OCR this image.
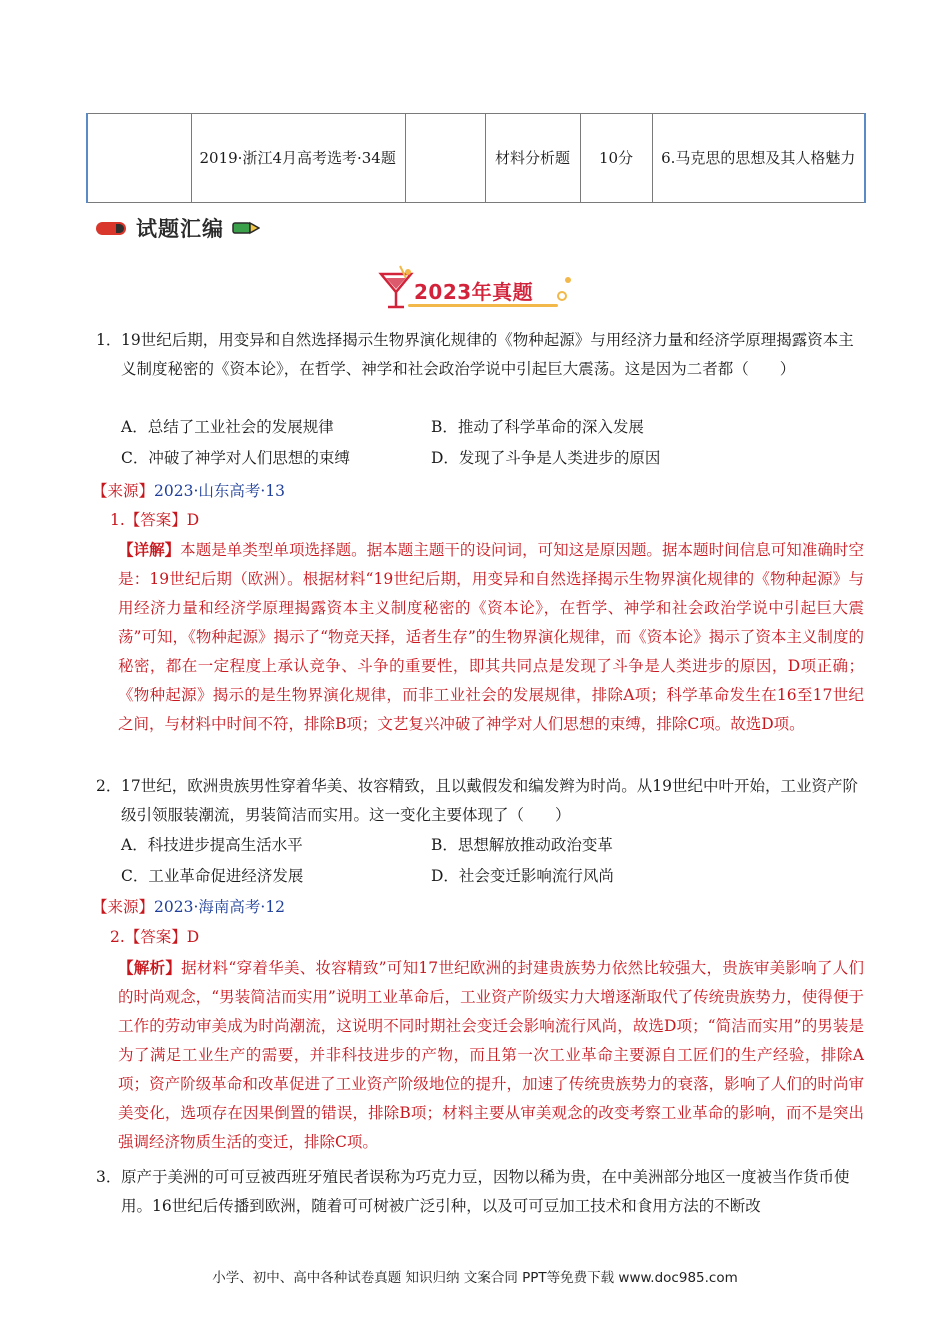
	2019·浙江4月高考选考·34题		材料分析题	10分	6.马克思的思想及其人格魅力
试题汇编
2023年真题
1． 19世纪后期，用变异和自然选择揭示生物界演化规律的《物种起源》与用经济力量和经济学原理揭露资本主义制度秘密的《资本论》，在哲学、神学和社会政治学说中引起巨大震荡。这是因为二者都（　　）
A．总结了工业社会的发展规律	B．推动了科学革命的深入发展
C．冲破了神学对人们思想的束缚	D．发现了斗争是人类进步的原因
【来源】2023·山东高考·13
1.【答案】D
【详解】本题是单类型单项选择题。据本题主题干的设问词，可知这是原因题。据本题时间信息可知准确时空是：19世纪后期（欧洲）。根据材料“19世纪后期，用变异和自然选择揭示生物界演化规律的《物种起源》与用经济力量和经济学原理揭露资本主义制度秘密的《资本论》，在哲学、神学和社会政治学说中引起巨大震荡”可知，《物种起源》揭示了“物竞天择，适者生存”的生物界演化规律，而《资本论》揭示了资本主义制度的秘密，都在一定程度上承认竞争、斗争的重要性，即其共同点是发现了斗争是人类进步的原因，D项正确；《物种起源》揭示的是生物界演化规律，而非工业社会的发展规律，排除A项；科学革命发生在16至17世纪之间，与材料中时间不符，排除B项；文艺复兴冲破了神学对人们思想的束缚，排除C项。故选D项。
2． 17世纪，欧洲贵族男性穿着华美、妆容精致，且以戴假发和编发辫为时尚。从19世纪中叶开始，工业资产阶级引领服装潮流，男装简洁而实用。这一变化主要体现了（　　）
A．科技进步提高生活水平	B．思想解放推动政治变革
C．工业革命促进经济发展	D．社会变迁影响流行风尚
【来源】2023·海南高考·12
2.【答案】D
【解析】据材料“穿着华美、妆容精致”可知17世纪欧洲的封建贵族势力依然比较强大，贵族审美影响了人们的时尚观念，“男装简洁而实用”说明工业革命后，工业资产阶级实力大增逐渐取代了传统贵族势力，使得便于工作的劳动审美成为时尚潮流，这说明不同时期社会变迁会影响流行风尚，故选D项；“简洁而实用”的男装是为了满足工业生产的需要，并非科技进步的产物，而且第一次工业革命主要源自工匠们的生产经验，排除A项；资产阶级革命和改革促进了工业资产阶级地位的提升，加速了传统贵族势力的衰落，影响了人们的时尚审美变化，选项存在因果倒置的错误，排除B项；材料主要从审美观念的改变考察工业革命的影响，而不是突出强调经济物质生活的变迁，排除C项。
3． 原产于美洲的可可豆被西班牙殖民者误称为巧克力豆，因物以稀为贵，在中美洲部分地区一度被当作货币使用。16世纪后传播到欧洲，随着可可树被广泛引种，以及可可豆加工技术和食用方法的不断改
小学、初中、高中各种试卷真题 知识归纳 文案合同 PPT等免费下载 www.doc985.com
